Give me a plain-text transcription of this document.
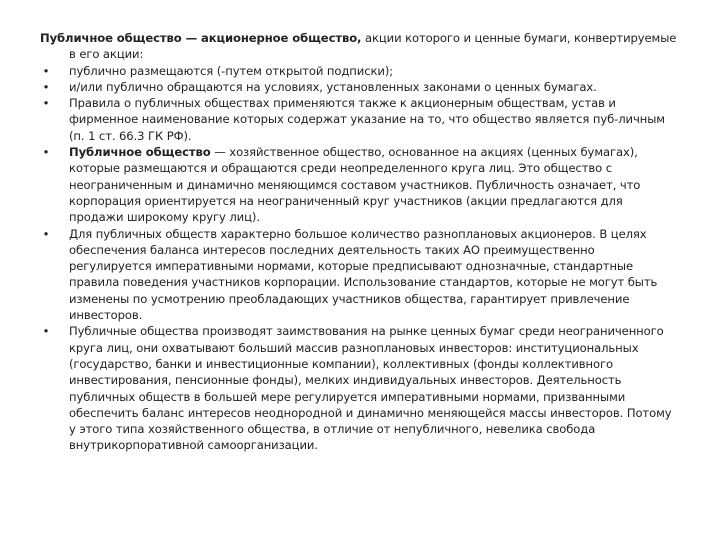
Публичное общество — акционерное общество, акции которого и ценные бумаги, конвертируемые в его акции:

• публично размещаются (-путем открытой подписки);
• и/или публично обращаются на условиях, установленных законами о ценных бумагах.
• Правила о публичных обществах применяются также к акционерным обществам, устав и фирменное наименование которых содержат указание на то, что общество является пуб-личным (п. 1 ст. 66.3 ГК РФ).
• Публичное общество — хозяйственное общество, основанное на акциях (ценных бумагах), которые размещаются и обращаются среди неопределенного круга лиц. Это общество с неограниченным и динамично меняющимся составом участников. Публичность означает, что корпорация ориентируется на неограниченный круг участников (акции предлагаются для продажи широкому кругу лиц).
• Для публичных обществ характерно большое количество разноплановых акционеров. В целях обеспечения баланса интересов последних деятельность таких АО преимущественно регулируется императивными нормами, которые предписывают однозначные, стандартные правила поведения участников корпорации. Использование стандартов, которые не могут быть изменены по усмотрению преобладающих участников общества, гарантирует привлечение инвесторов.
• Публичные общества производят заимствования на рынке ценных бумаг среди неограниченного круга лиц, они охватывают больший массив разноплановых инвесторов: институциональных (государство, банки и инвестиционные компании), коллективных (фонды коллективного инвестирования, пенсионные фонды), мелких индивидуальных инвесторов. Деятельность публичных обществ в большей мере регулируется императивными нормами, призванными обеспечить баланс интересов неоднородной и динамично меняющейся массы инвесторов. Потому у этого типа хозяйственного общества, в отличие от непубличного, невелика свобода внутрикорпоративной самоорганизации.
